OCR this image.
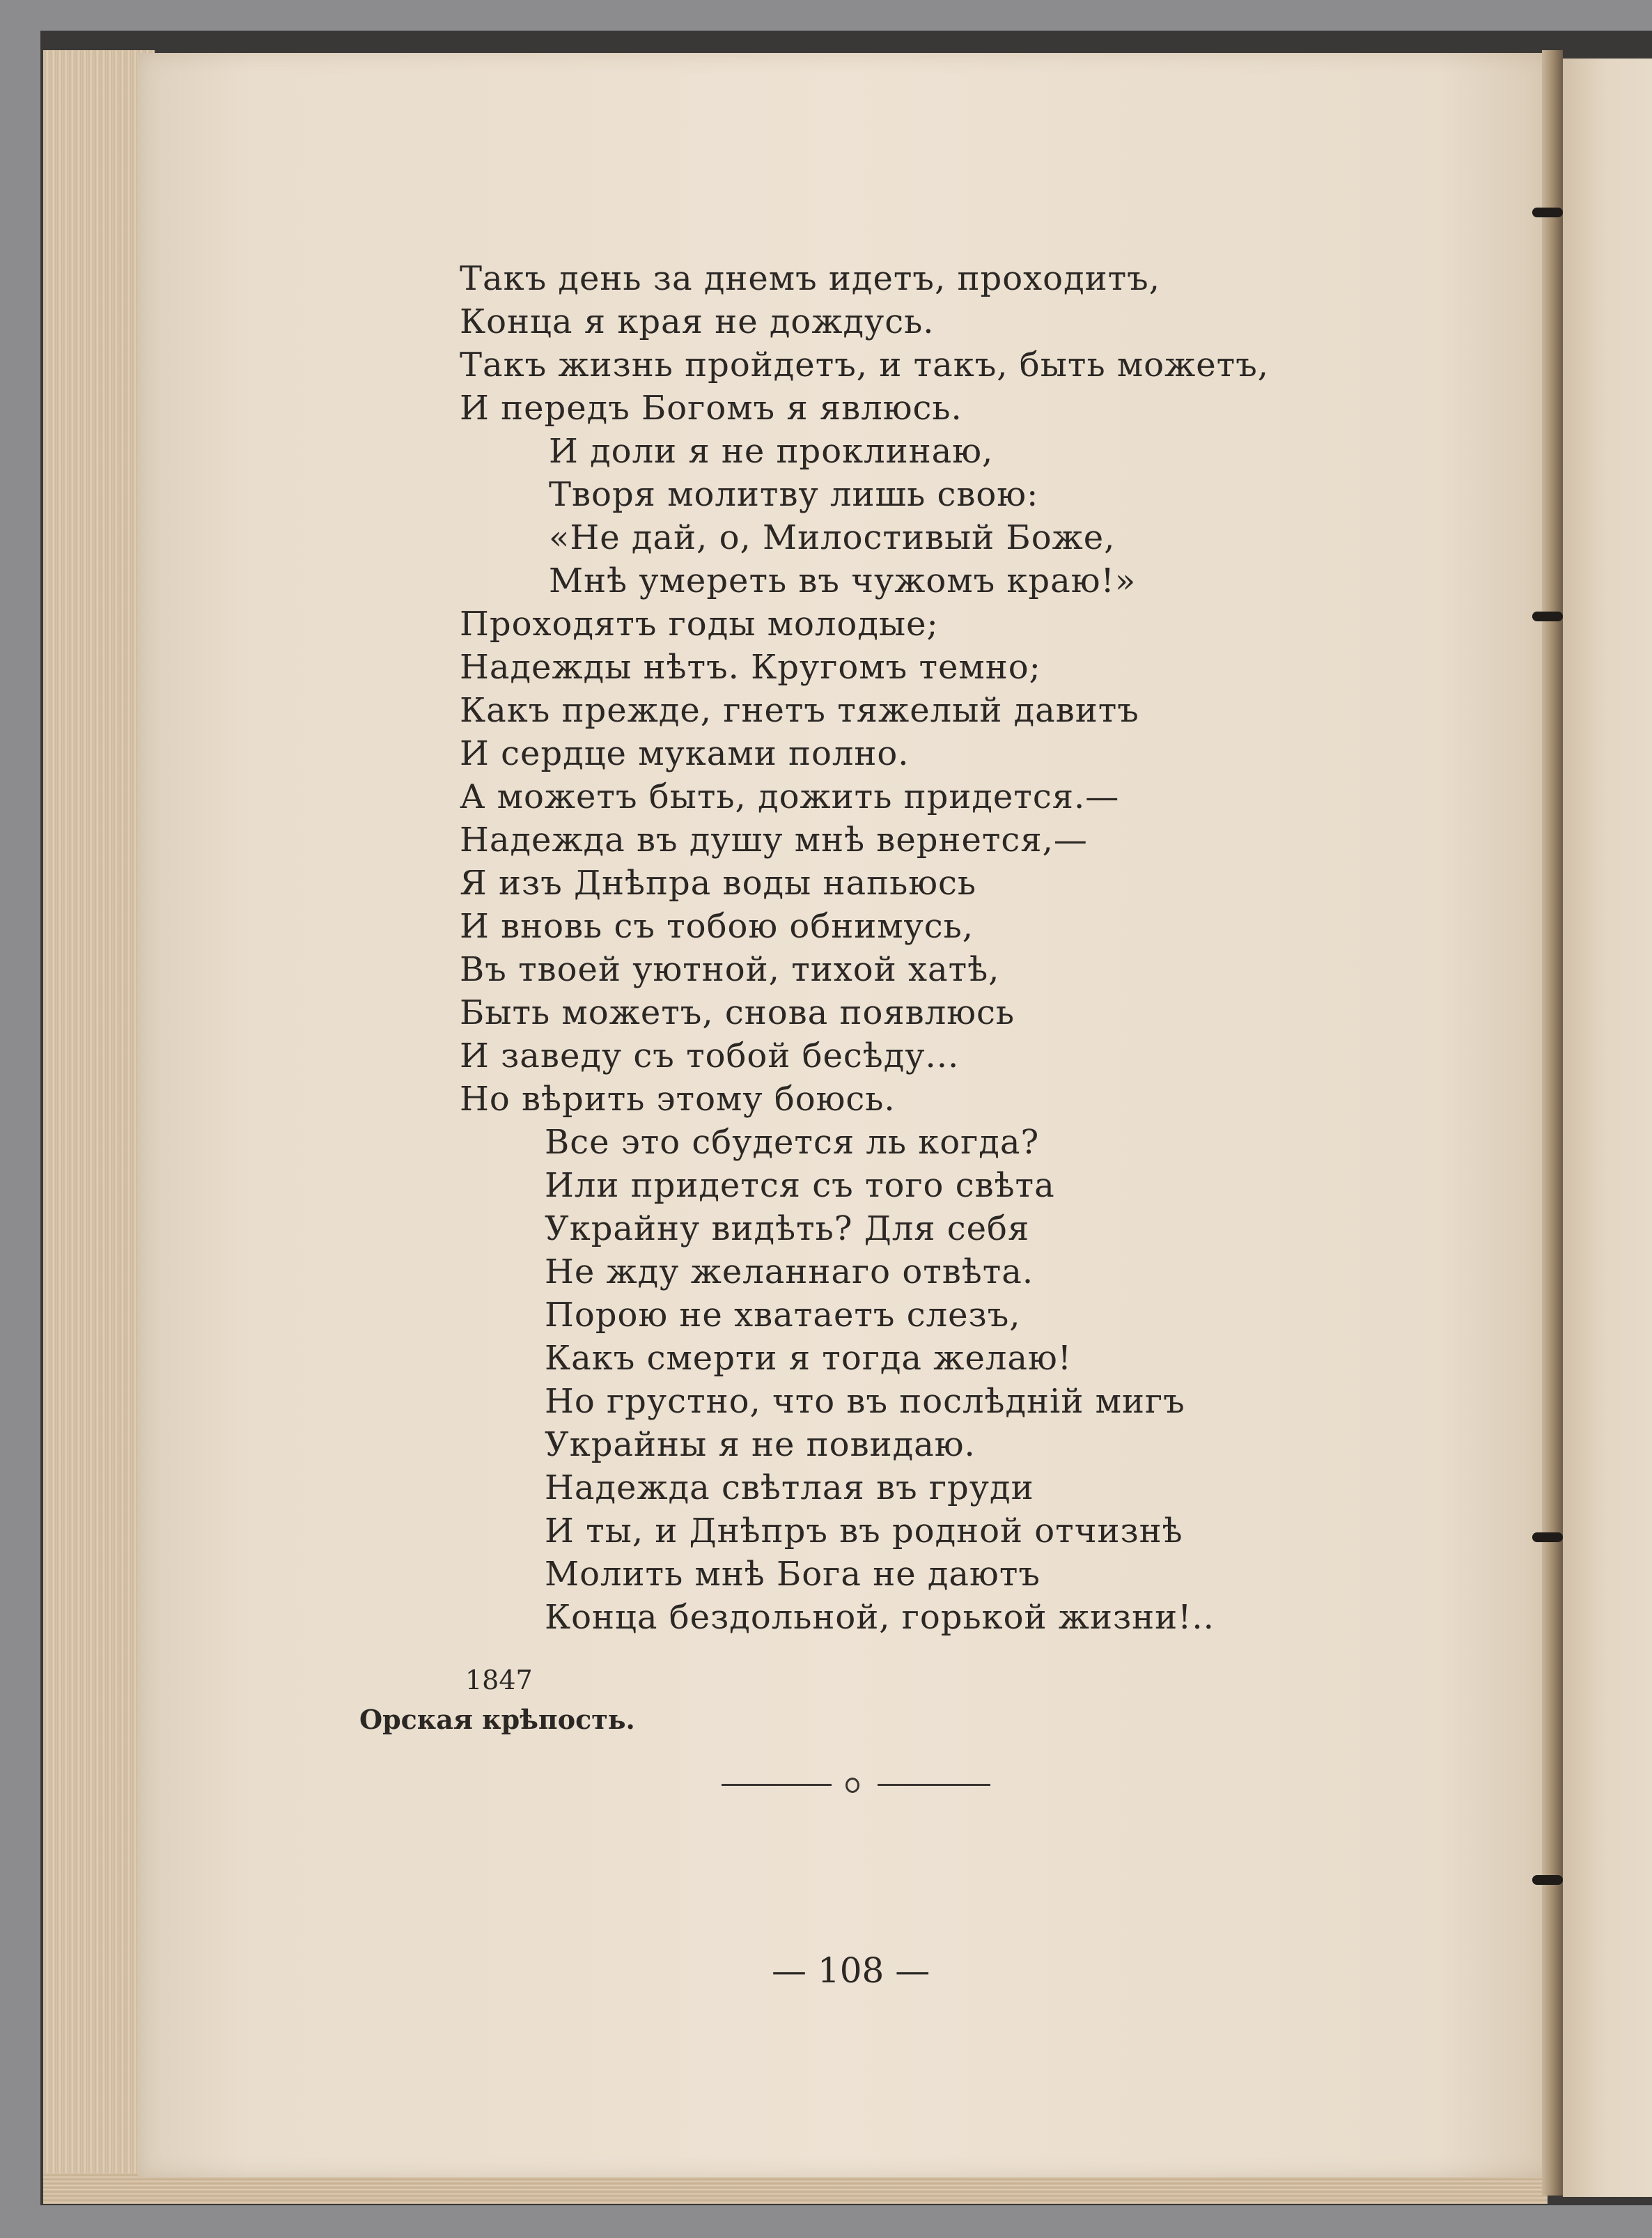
Такъ день за днемъ идетъ, проходитъ,
Конца я края не дождусь.
Такъ жизнь пройдетъ, и такъ, быть можетъ,
И передъ Богомъ я явлюсь.
И доли я не проклинаю,
Творя молитву лишь свою:
«Не дай, о, Милостивый Боже,
Мнѣ умереть въ чужомъ краю!»
Проходятъ годы молодые;
Надежды нѣтъ. Кругомъ темно;
Какъ прежде, гнетъ тяжелый давитъ
И сердце муками полно.
А можетъ быть, дожить придется.—
Надежда въ душу мнѣ вернется,—
Я изъ Днѣпра воды напьюсь
И вновь съ тобою обнимусь,
Въ твоей уютной, тихой хатѣ,
Быть можетъ, снова появлюсь
И заведу съ тобой бесѣду...
Но вѣрить этому боюсь.
Все это сбудется ль когда?
Или придется съ того свѣта
Украйну видѣть? Для себя
Не жду желаннаго отвѣта.
Порою не хватаетъ слезъ,
Какъ смерти я тогда желаю!
Но грустно, что въ послѣдній мигъ
Украйны я не повидаю.
Надежда свѣтлая въ груди
И ты, и Днѣпръ въ родной отчизнѣ
Молить мнѣ Бога не даютъ
Конца бездольной, горькой жизни!..
1847
Орская крѣпость.
— 108 —
